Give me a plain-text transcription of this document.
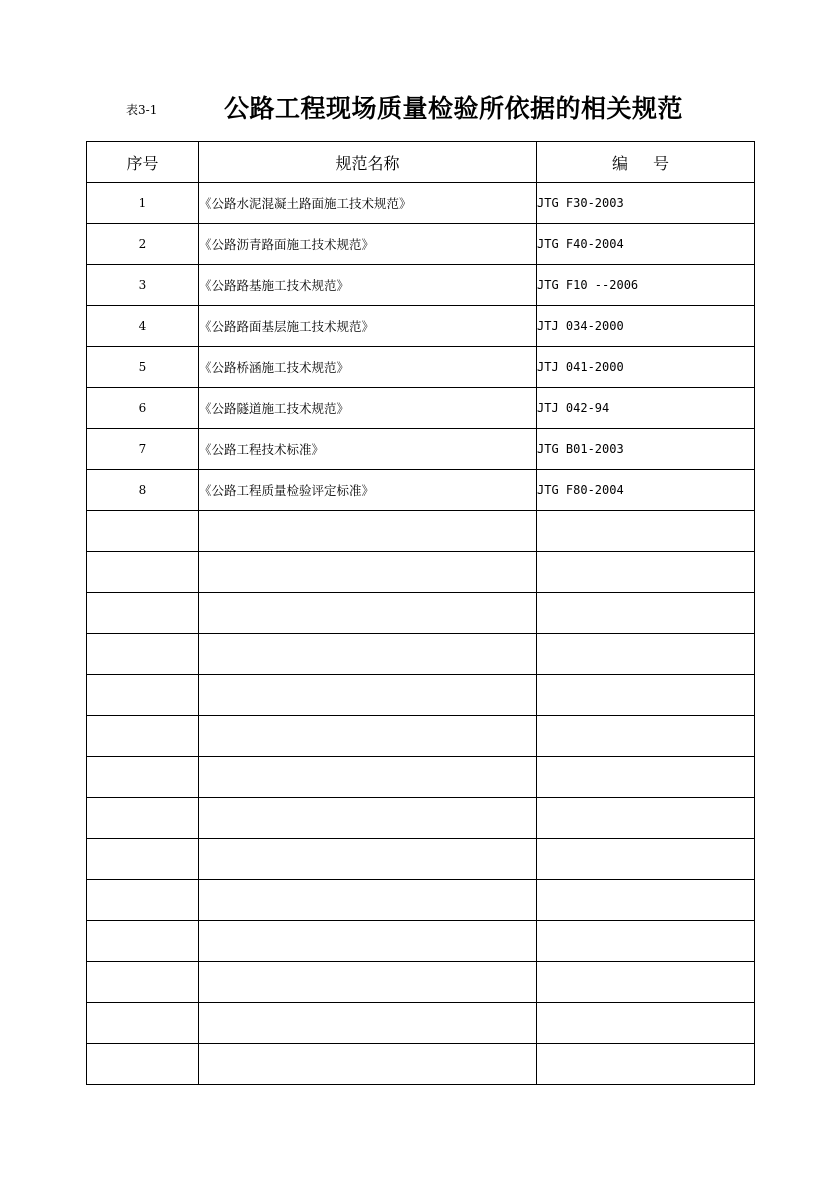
表3-1	公路工程现场质量检验所依据的相关规范
序号	规范名称	编 号
1	《公路水泥混凝土路面施工技术规范》	JTG F30-2003
2	《公路沥青路面施工技术规范》	JTG F40-2004
3	《公路路基施工技术规范》	JTG F10 --2006
4	《公路路面基层施工技术规范》	JTJ 034-2000
5	《公路桥涵施工技术规范》	JTJ 041-2000
6	《公路隧道施工技术规范》	JTJ 042-94
7	《公路工程技术标准》	JTG B01-2003
8	《公路工程质量检验评定标准》	JTG F80-2004
